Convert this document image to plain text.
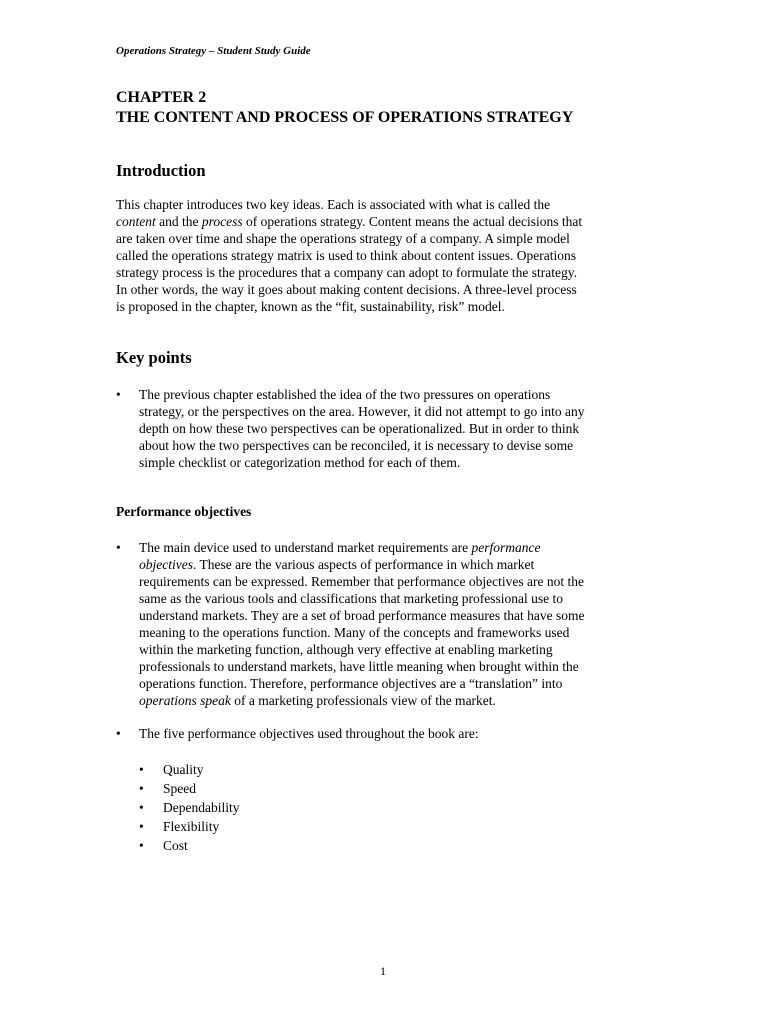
Operations Strategy – Student Study Guide
CHAPTER 2
THE CONTENT AND PROCESS OF OPERATIONS STRATEGY
Introduction
This chapter introduces two key ideas. Each is associated with what is called the
content and the process of operations strategy. Content means the actual decisions that
are taken over time and shape the operations strategy of a company. A simple model
called the operations strategy matrix is used to think about content issues. Operations
strategy process is the procedures that a company can adopt to formulate the strategy.
In other words, the way it goes about making content decisions. A three-level process
is proposed in the chapter, known as the “fit, sustainability, risk” model.
Key points
• The previous chapter established the idea of the two pressures on operations
strategy, or the perspectives on the area. However, it did not attempt to go into any
depth on how these two perspectives can be operationalized. But in order to think
about how the two perspectives can be reconciled, it is necessary to devise some
simple checklist or categorization method for each of them.
Performance objectives
• The main device used to understand market requirements are performance
objectives. These are the various aspects of performance in which market
requirements can be expressed. Remember that performance objectives are not the
same as the various tools and classifications that marketing professional use to
understand markets. They are a set of broad performance measures that have some
meaning to the operations function. Many of the concepts and frameworks used
within the marketing function, although very effective at enabling marketing
professionals to understand markets, have little meaning when brought within the
operations function. Therefore, performance objectives are a “translation” into
operations speak of a marketing professionals view of the market.
• The five performance objectives used throughout the book are:
• Quality
• Speed
• Dependability
• Flexibility
• Cost
1
